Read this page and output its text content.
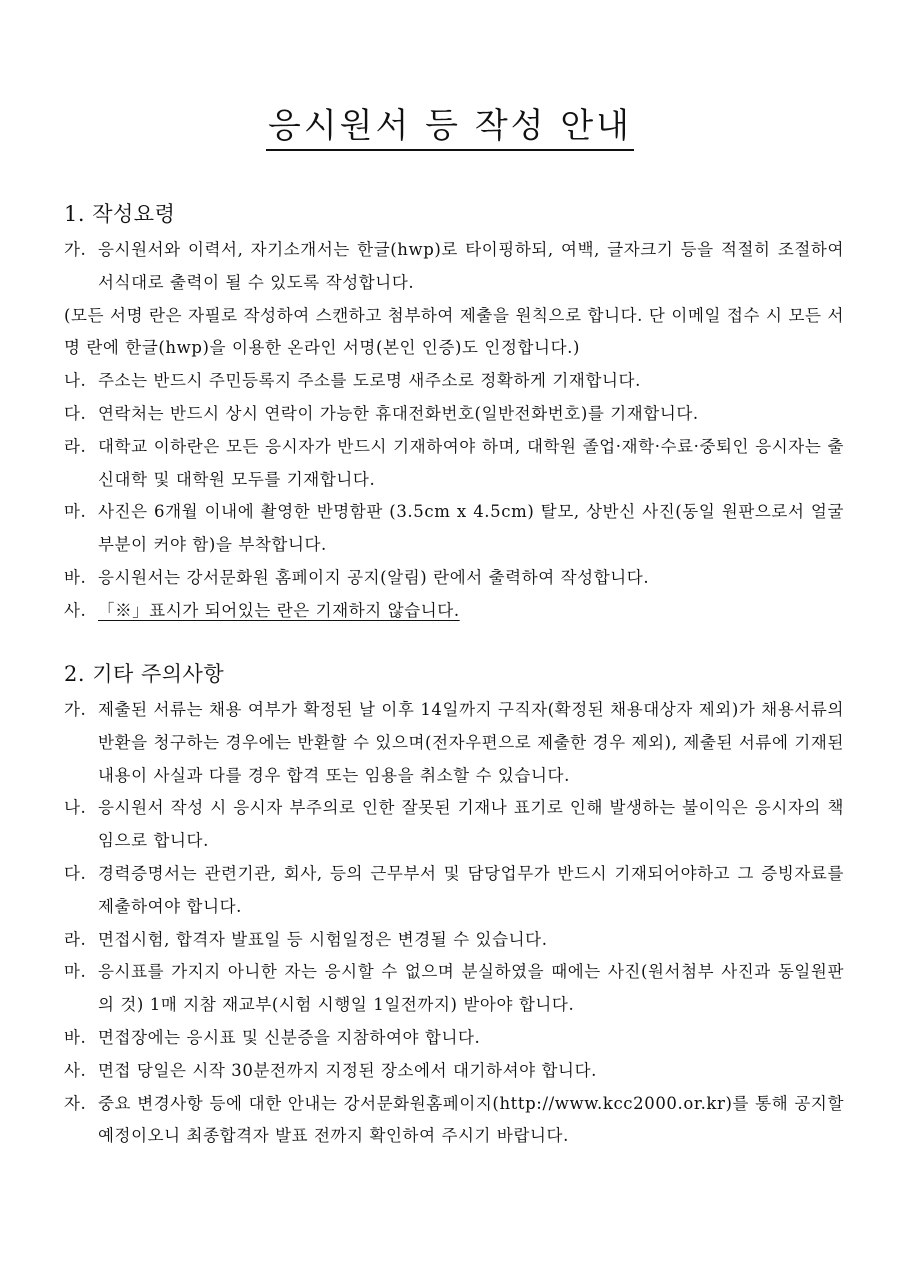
응시원서 등 작성 안내
1. 작성요령
가. 응시원서와 이력서, 자기소개서는 한글(hwp)로 타이핑하되, 여백, 글자크기 등을 적절히 조절하여 서식대로 출력이 될 수 있도록 작성합니다.
(모든 서명 란은 자필로 작성하여 스캔하고 첨부하여 제출을 원칙으로 합니다. 단 이메일 접수 시 모든 서명 란에 한글(hwp)을 이용한 온라인 서명(본인 인증)도 인정합니다.)
나. 주소는 반드시 주민등록지 주소를 도로명 새주소로 정확하게 기재합니다.
다. 연락처는 반드시 상시 연락이 가능한 휴대전화번호(일반전화번호)를 기재합니다.
라. 대학교 이하란은 모든 응시자가 반드시 기재하여야 하며, 대학원 졸업·재학·수료·중퇴인 응시자는 출신대학 및 대학원 모두를 기재합니다.
마. 사진은 6개월 이내에 촬영한 반명함판 (3.5cm x 4.5cm) 탈모, 상반신 사진(동일 원판으로서 얼굴부분이 커야 함)을 부착합니다.
바. 응시원서는 강서문화원 홈페이지 공지(알림) 란에서 출력하여 작성합니다.
사. 「※」표시가 되어있는 란은 기재하지 않습니다.
2. 기타 주의사항
가. 제출된 서류는 채용 여부가 확정된 날 이후 14일까지 구직자(확정된 채용대상자 제외)가 채용서류의 반환을 청구하는 경우에는 반환할 수 있으며(전자우편으로 제출한 경우 제외), 제출된 서류에 기재된 내용이 사실과 다를 경우 합격 또는 임용을 취소할 수 있습니다.
나. 응시원서 작성 시 응시자 부주의로 인한 잘못된 기재나 표기로 인해 발생하는 불이익은 응시자의 책임으로 합니다.
다. 경력증명서는 관련기관, 회사, 등의 근무부서 및 담당업무가 반드시 기재되어야하고 그 증빙자료를 제출하여야 합니다.
라. 면접시험, 합격자 발표일 등 시험일정은 변경될 수 있습니다.
마. 응시표를 가지지 아니한 자는 응시할 수 없으며 분실하였을 때에는 사진(원서첨부 사진과 동일원판의 것) 1매 지참 재교부(시험 시행일 1일전까지) 받아야 합니다.
바. 면접장에는 응시표 및 신분증을 지참하여야 합니다.
사. 면접 당일은 시작 30분전까지 지정된 장소에서 대기하셔야 합니다.
자. 중요 변경사항 등에 대한 안내는 강서문화원홈페이지(http://www.kcc2000.or.kr)를 통해 공지할 예정이오니 최종합격자 발표 전까지 확인하여 주시기 바랍니다.
